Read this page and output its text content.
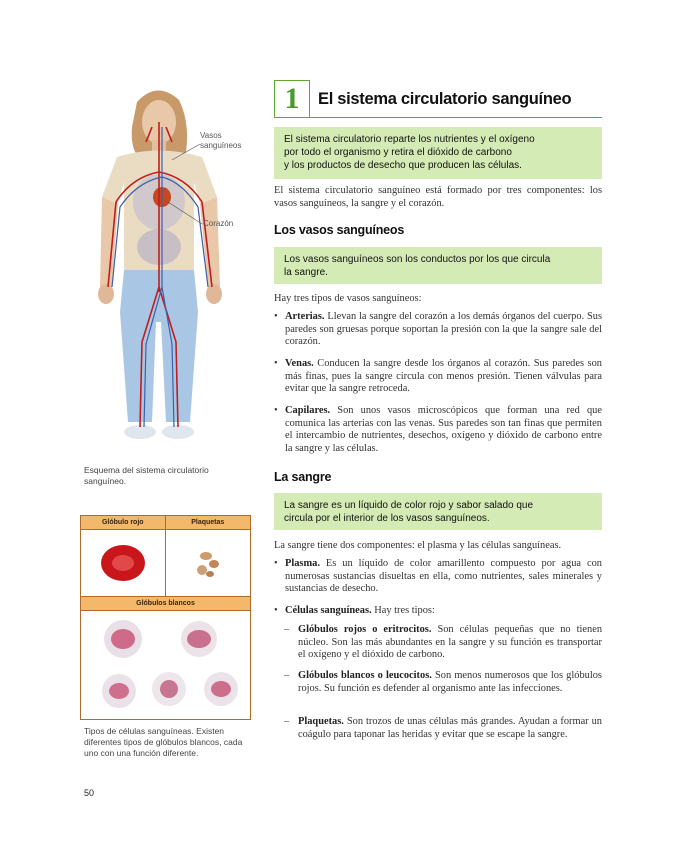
Vasos
sanguíneos
Corazón
Esquema del sistema circulatorio
sanguíneo.
Glóbulo rojo	Plaquetas
Glóbulos blancos
Tipos de células sanguíneas. Existen
diferentes tipos de glóbulos blancos, cada
uno con una función diferente.
1	El sistema circulatorio sanguíneo
El sistema circulatorio reparte los nutrientes y el oxígeno
por todo el organismo y retira el dióxido de carbono
y los productos de desecho que producen las células.
El sistema circulatorio sanguíneo está formado por tres componentes: los vasos sanguíneos, la sangre y el corazón.
Los vasos sanguíneos
Los vasos sanguíneos son los conductos por los que circula
la sangre.
Hay tres tipos de vasos sanguíneos:
• Arterias. Llevan la sangre del corazón a los demás órganos del cuerpo. Sus paredes son gruesas porque soportan la presión con la que la sangre sale del corazón.
• Venas. Conducen la sangre desde los órganos al corazón. Sus paredes son más finas, pues la sangre circula con menos presión. Tienen válvulas para evitar que la sangre retroceda.
• Capilares. Son unos vasos microscópicos que forman una red que comunica las arterias con las venas. Sus paredes son tan finas que permiten el intercambio de nutrientes, desechos, oxígeno y dióxido de carbono entre la sangre y las células.
La sangre
La sangre es un líquido de color rojo y sabor salado que
circula por el interior de los vasos sanguíneos.
La sangre tiene dos componentes: el plasma y las células sanguíneas.
• Plasma. Es un líquido de color amarillento compuesto por agua con numerosas sustancias disueltas en ella, como nutrientes, sales minerales y sustancias de desecho.
• Células sanguíneas. Hay tres tipos:
– Glóbulos rojos o eritrocitos. Son células pequeñas que no tienen núcleo. Son las más abundantes en la sangre y su función es transportar el oxígeno y el dióxido de carbono.
– Glóbulos blancos o leucocitos. Son menos numerosos que los glóbulos rojos. Su función es defender al organismo ante las infecciones.
– Plaquetas. Son trozos de unas células más grandes. Ayudan a formar un coágulo para taponar las heridas y evitar que se escape la sangre.
50
